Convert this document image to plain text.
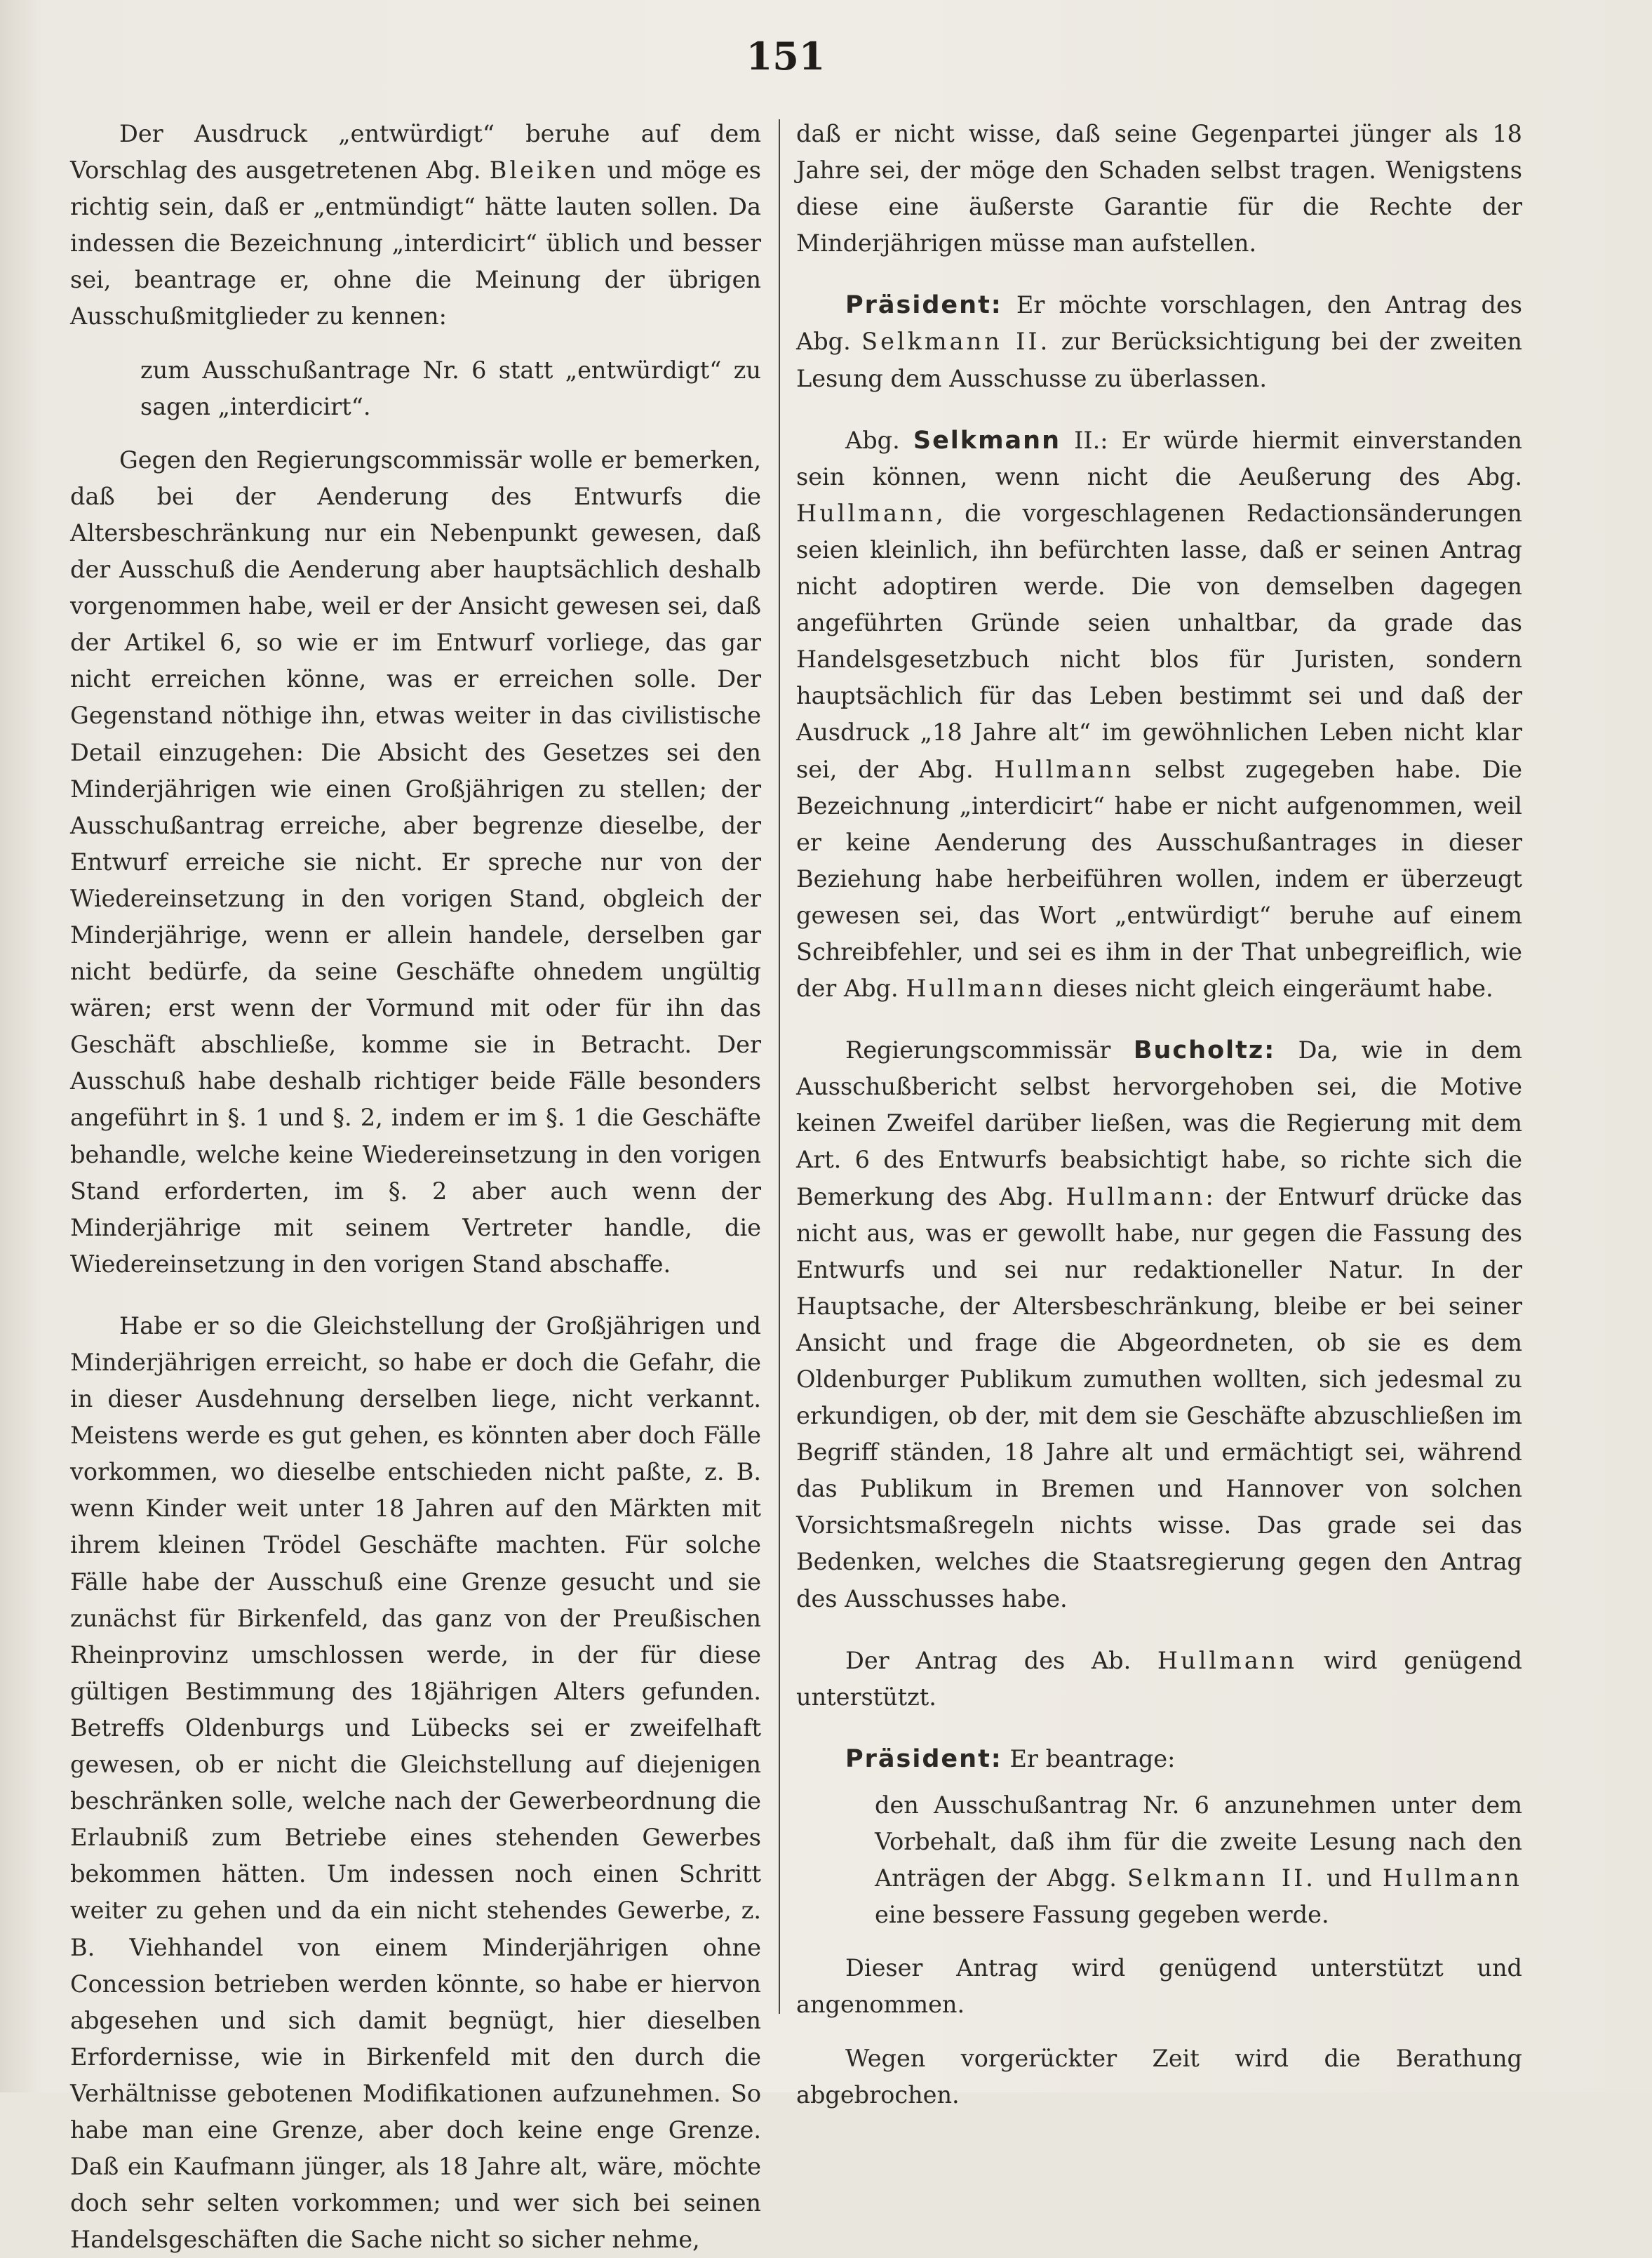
151

Der Ausdruck „entwürdigt“ beruhe auf dem Vorschlag des ausgetretenen Abg. Bleiken und möge es richtig sein, daß er „entmündigt“ hätte lauten sollen. Da indessen die Bezeichnung „interdicirt“ üblich und besser sei, beantrage er, ohne die Meinung der übrigen Ausschußmitglieder zu kennen:

zum Ausschußantrage Nr. 6 statt „entwürdigt“ zu sagen „interdicirt“.

Gegen den Regierungscommissär wolle er bemerken, daß bei der Aenderung des Entwurfs die Altersbeschränkung nur ein Nebenpunkt gewesen, daß der Ausschuß die Aenderung aber hauptsächlich deshalb vorgenommen habe, weil er der Ansicht gewesen sei, daß der Artikel 6, so wie er im Entwurf vorliege, das gar nicht erreichen könne, was er erreichen solle. Der Gegenstand nöthige ihn, etwas weiter in das civilistische Detail einzugehen: Die Absicht des Gesetzes sei den Minderjährigen wie einen Großjährigen zu stellen; der Ausschußantrag erreiche, aber begrenze dieselbe, der Entwurf erreiche sie nicht. Er spreche nur von der Wiedereinsetzung in den vorigen Stand, obgleich der Minderjährige, wenn er allein handele, derselben gar nicht bedürfe, da seine Geschäfte ohnedem ungültig wären; erst wenn der Vormund mit oder für ihn das Geschäft abschließe, komme sie in Betracht. Der Ausschuß habe deshalb richtiger beide Fälle besonders angeführt in §. 1 und §. 2, indem er im §. 1 die Geschäfte behandle, welche keine Wiedereinsetzung in den vorigen Stand erforderten, im §. 2 aber auch wenn der Minderjährige mit seinem Vertreter handle, die Wiedereinsetzung in den vorigen Stand abschaffe.

Habe er so die Gleichstellung der Großjährigen und Minderjährigen erreicht, so habe er doch die Gefahr, die in dieser Ausdehnung derselben liege, nicht verkannt. Meistens werde es gut gehen, es könnten aber doch Fälle vorkommen, wo dieselbe entschieden nicht paßte, z. B. wenn Kinder weit unter 18 Jahren auf den Märkten mit ihrem kleinen Trödel Geschäfte machten. Für solche Fälle habe der Ausschuß eine Grenze gesucht und sie zunächst für Birkenfeld, das ganz von der Preußischen Rheinprovinz umschlossen werde, in der für diese gültigen Bestimmung des 18jährigen Alters gefunden. Betreffs Oldenburgs und Lübecks sei er zweifelhaft gewesen, ob er nicht die Gleichstellung auf diejenigen beschränken solle, welche nach der Gewerbeordnung die Erlaubniß zum Betriebe eines stehenden Gewerbes bekommen hätten. Um indessen noch einen Schritt weiter zu gehen und da ein nicht stehendes Gewerbe, z. B. Viehhandel von einem Minderjährigen ohne Concession betrieben werden könnte, so habe er hiervon abgesehen und sich damit begnügt, hier dieselben Erfordernisse, wie in Birkenfeld mit den durch die Verhältnisse gebotenen Modifikationen aufzunehmen. So habe man eine Grenze, aber doch keine enge Grenze. Daß ein Kaufmann jünger, als 18 Jahre alt, wäre, möchte doch sehr selten vorkommen; und wer sich bei seinen Handelsgeschäften die Sache nicht so sicher nehme,

daß er nicht wisse, daß seine Gegenpartei jünger als 18 Jahre sei, der möge den Schaden selbst tragen. Wenigstens diese eine äußerste Garantie für die Rechte der Minderjährigen müsse man aufstellen.

Präsident: Er möchte vorschlagen, den Antrag des Abg. Selkmann II. zur Berücksichtigung bei der zweiten Lesung dem Ausschusse zu überlassen.

Abg. Selkmann II.: Er würde hiermit einverstanden sein können, wenn nicht die Aeußerung des Abg. Hullmann, die vorgeschlagenen Redactionsänderungen seien kleinlich, ihn befürchten lasse, daß er seinen Antrag nicht adoptiren werde. Die von demselben dagegen angeführten Gründe seien unhaltbar, da grade das Handelsgesetzbuch nicht blos für Juristen, sondern hauptsächlich für das Leben bestimmt sei und daß der Ausdruck „18 Jahre alt“ im gewöhnlichen Leben nicht klar sei, der Abg. Hullmann selbst zugegeben habe. Die Bezeichnung „interdicirt“ habe er nicht aufgenommen, weil er keine Aenderung des Ausschußantrages in dieser Beziehung habe herbeiführen wollen, indem er überzeugt gewesen sei, das Wort „entwürdigt“ beruhe auf einem Schreibfehler, und sei es ihm in der That unbegreiflich, wie der Abg. Hullmann dieses nicht gleich eingeräumt habe.

Regierungscommissär Bucholtz: Da, wie in dem Ausschußbericht selbst hervorgehoben sei, die Motive keinen Zweifel darüber ließen, was die Regierung mit dem Art. 6 des Entwurfs beabsichtigt habe, so richte sich die Bemerkung des Abg. Hullmann: der Entwurf drücke das nicht aus, was er gewollt habe, nur gegen die Fassung des Entwurfs und sei nur redaktioneller Natur. In der Hauptsache, der Altersbeschränkung, bleibe er bei seiner Ansicht und frage die Abgeordneten, ob sie es dem Oldenburger Publikum zumuthen wollten, sich jedesmal zu erkundigen, ob der, mit dem sie Geschäfte abzuschließen im Begriff ständen, 18 Jahre alt und ermächtigt sei, während das Publikum in Bremen und Hannover von solchen Vorsichtsmaßregeln nichts wisse. Das grade sei das Bedenken, welches die Staatsregierung gegen den Antrag des Ausschusses habe.

Der Antrag des Ab. Hullmann wird genügend unterstützt.

Präsident: Er beantrage:

den Ausschußantrag Nr. 6 anzunehmen unter dem Vorbehalt, daß ihm für die zweite Lesung nach den Anträgen der Abgg. Selkmann II. und Hullmann eine bessere Fassung gegeben werde.

Dieser Antrag wird genügend unterstützt und angenommen.

Wegen vorgerückter Zeit wird die Berathung abgebrochen.
